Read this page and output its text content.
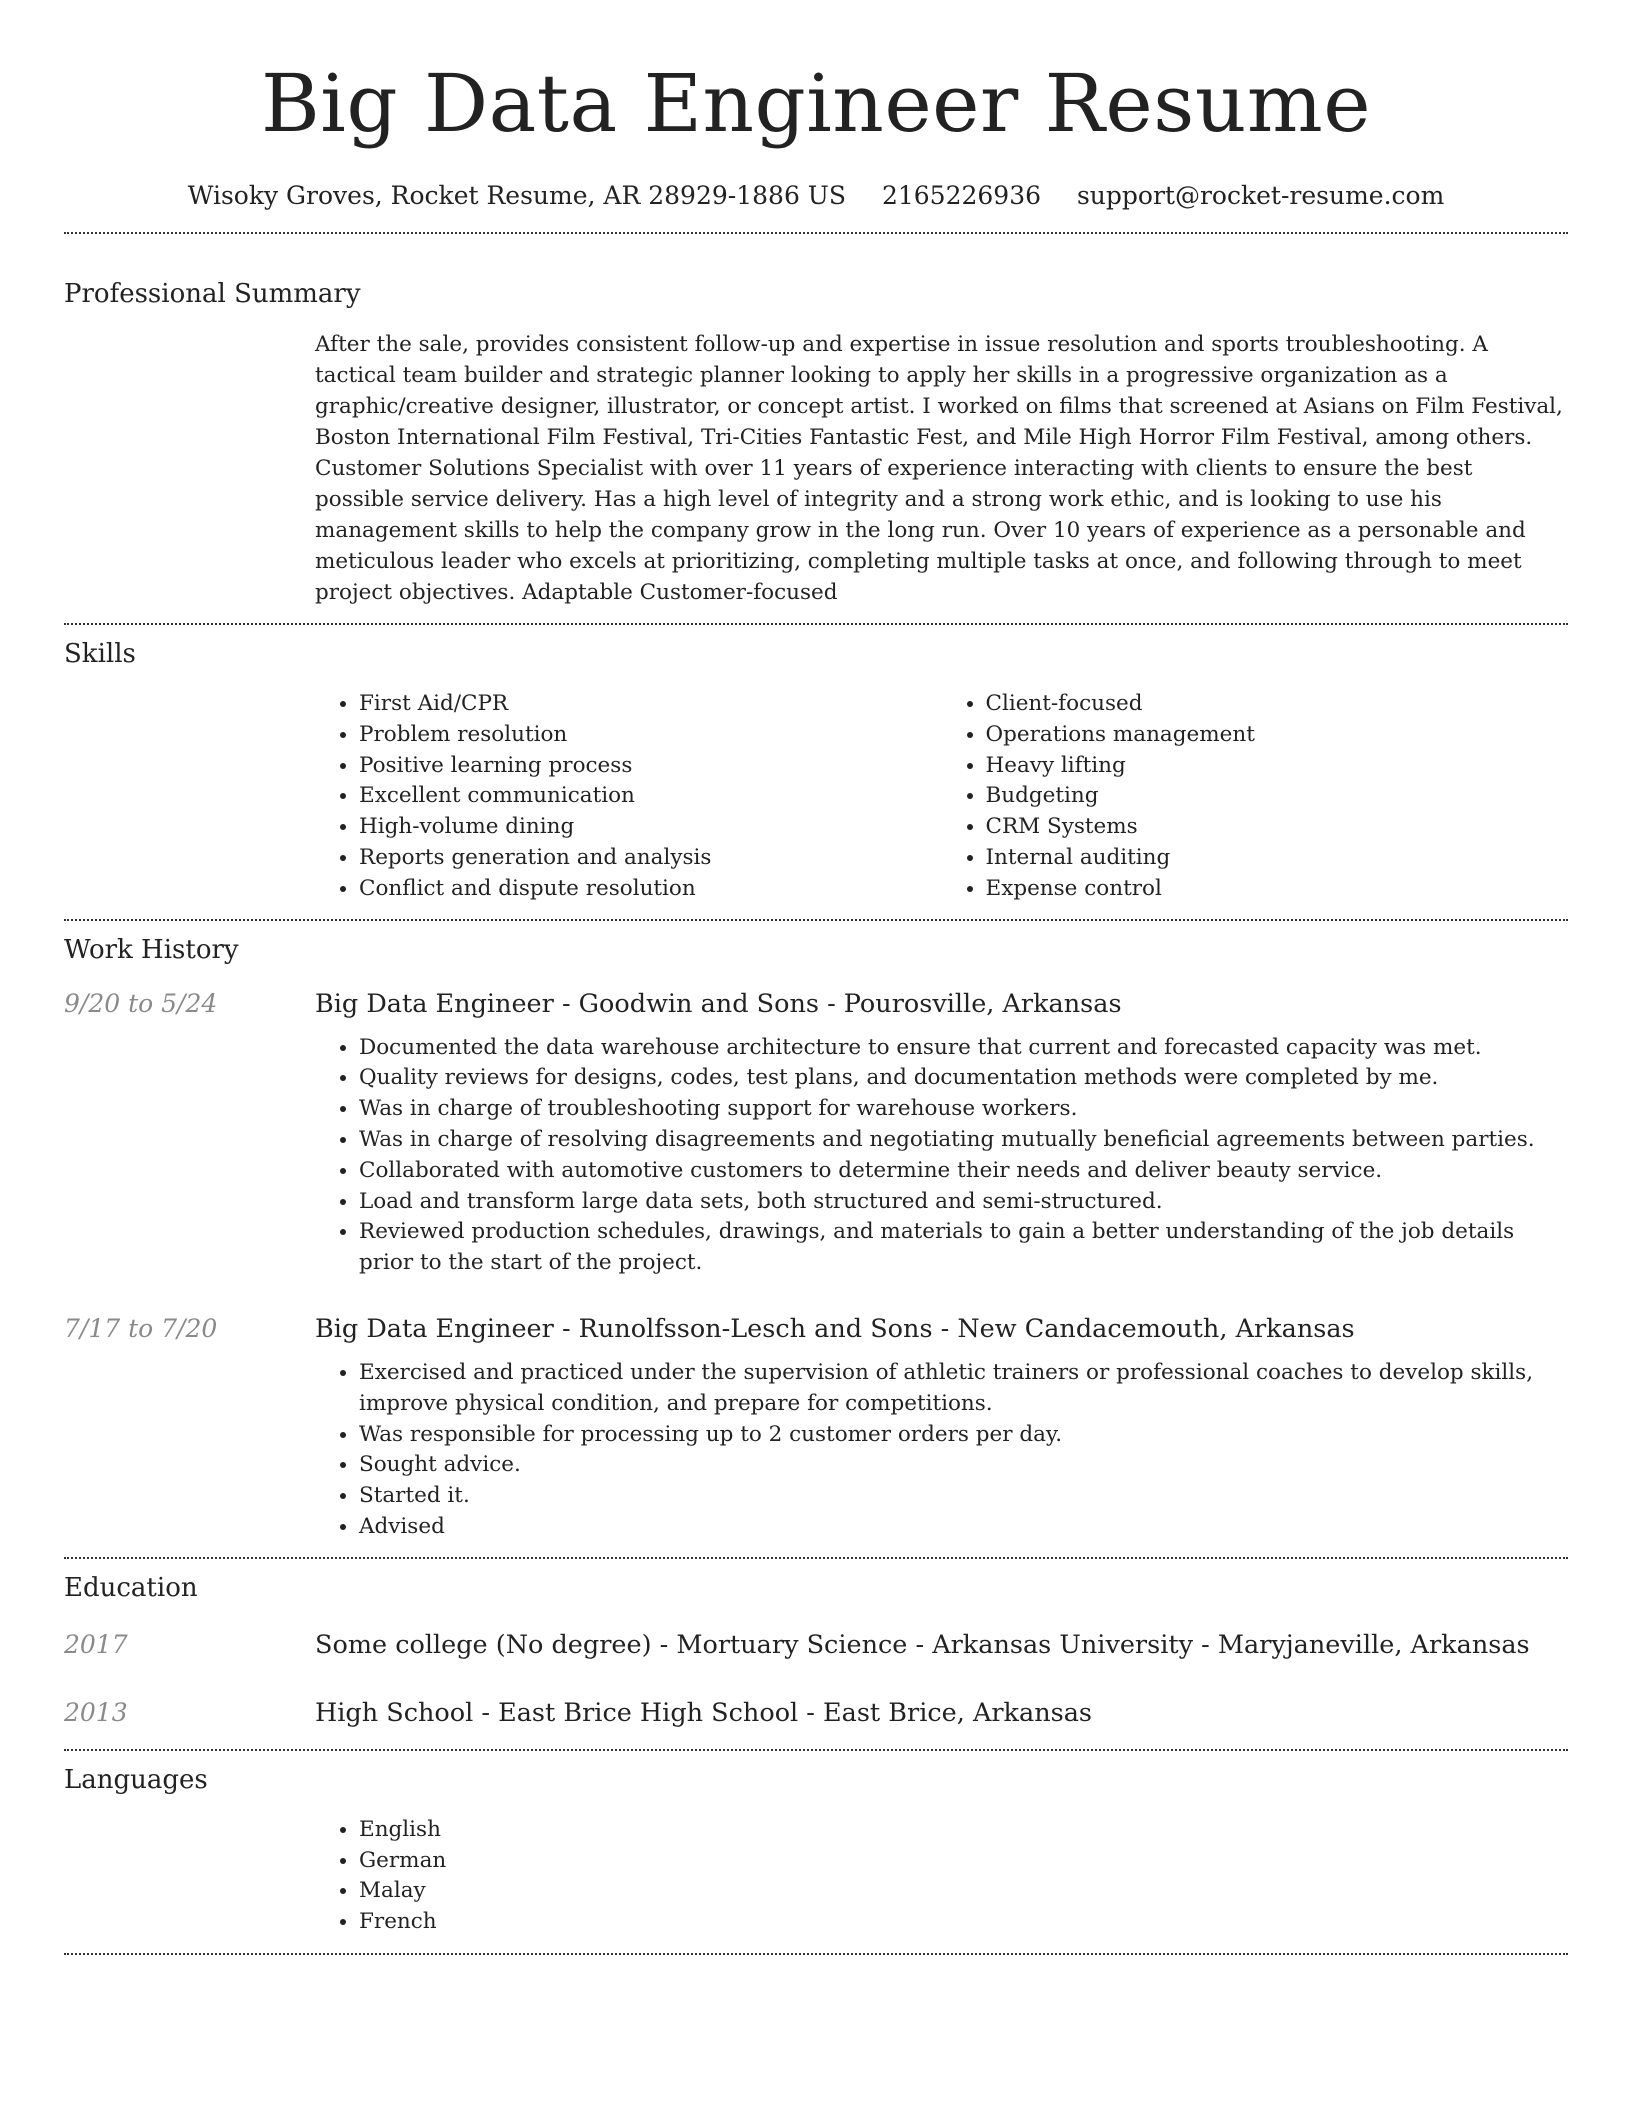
Big Data Engineer Resume
Wisoky Groves, Rocket Resume, AR 28929-1886 US 2165226936 support@rocket-resume.com
Professional Summary

After the sale, provides consistent follow-up and expertise in issue resolution and sports troubleshooting. A tactical team builder and strategic planner looking to apply her skills in a progressive organization as a graphic/creative designer, illustrator, or concept artist. I worked on films that screened at Asians on Film Festival, Boston International Film Festival, Tri-Cities Fantastic Fest, and Mile High Horror Film Festival, among others. Customer Solutions Specialist with over 11 years of experience interacting with clients to ensure the best possible service delivery. Has a high level of integrity and a strong work ethic, and is looking to use his management skills to help the company grow in the long run. Over 10 years of experience as a personable and meticulous leader who excels at prioritizing, completing multiple tasks at once, and following through to meet project objectives. Adaptable Customer-focused

Skills
• First Aid/CPR
• Problem resolution
• Positive learning process
• Excellent communication
• High-volume dining
• Reports generation and analysis
• Conflict and dispute resolution
• Client-focused
• Operations management
• Heavy lifting
• Budgeting
• CRM Systems
• Internal auditing
• Expense control
Work History
9/20 to 5/24	Big Data Engineer - Goodwin and Sons - Pourosville, Arkansas
• Documented the data warehouse architecture to ensure that current and forecasted capacity was met.
• Quality reviews for designs, codes, test plans, and documentation methods were completed by me.
• Was in charge of troubleshooting support for warehouse workers.
• Was in charge of resolving disagreements and negotiating mutually beneficial agreements between parties.
• Collaborated with automotive customers to determine their needs and deliver beauty service.
• Load and transform large data sets, both structured and semi-structured.
• Reviewed production schedules, drawings, and materials to gain a better understanding of the job details prior to the start of the project.
7/17 to 7/20	Big Data Engineer - Runolfsson-Lesch and Sons - New Candacemouth, Arkansas
• Exercised and practiced under the supervision of athletic trainers or professional coaches to develop skills, improve physical condition, and prepare for competitions.
• Was responsible for processing up to 2 customer orders per day.
• Sought advice.
• Started it.
• Advised
Education
2017	Some college (No degree) - Mortuary Science - Arkansas University - Maryjaneville, Arkansas
2013	High School - East Brice High School - East Brice, Arkansas
Languages
• English
• German
• Malay
• French
